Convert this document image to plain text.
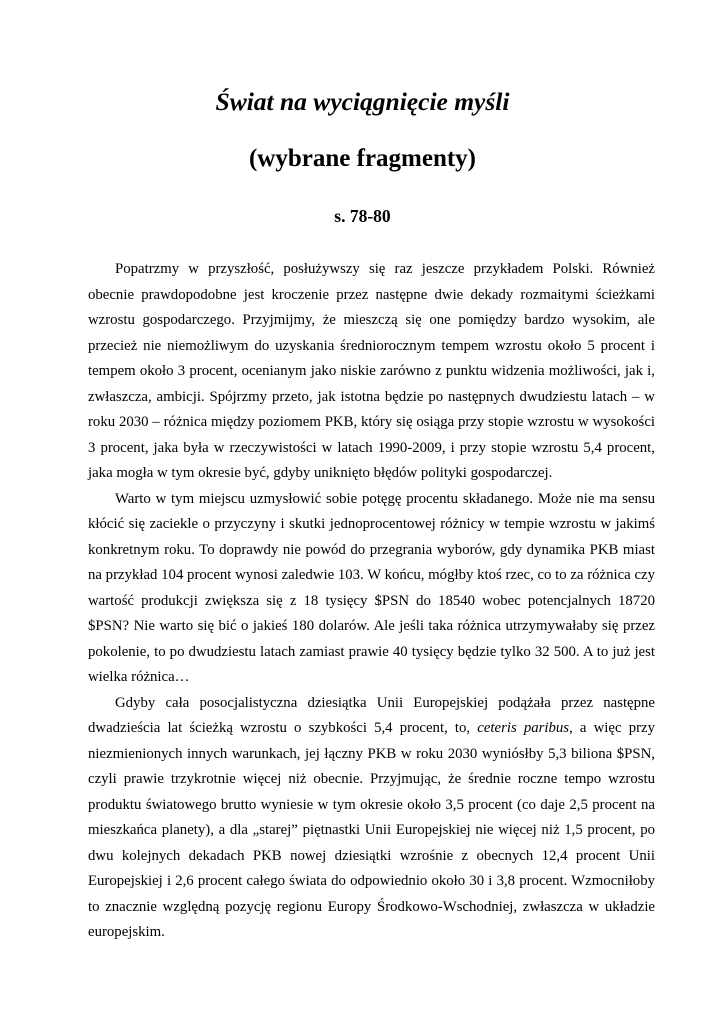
Świat na wyciągnięcie myśli
(wybrane fragmenty)
s. 78-80

Popatrzmy w przyszłość, posłużywszy się raz jeszcze przykładem Polski. Również obecnie prawdopodobne jest kroczenie przez następne dwie dekady rozmaitymi ścieżkami wzrostu gospodarczego. Przyjmijmy, że mieszczą się one pomiędzy bardzo wysokim, ale przecież nie niemożliwym do uzyskania średniorocznym tempem wzrostu około 5 procent i tempem około 3 procent, ocenianym jako niskie zarówno z punktu widzenia możliwości, jak i, zwłaszcza, ambicji. Spójrzmy przeto, jak istotna będzie po następnych dwudziestu latach – w roku 2030 – różnica między poziomem PKB, który się osiąga przy stopie wzrostu w wysokości 3 procent, jaka była w rzeczywistości w latach 1990-2009, i przy stopie wzrostu 5,4 procent, jaka mogła w tym okresie być, gdyby uniknięto błędów polityki gospodarczej.

Warto w tym miejscu uzmysłowić sobie potęgę procentu składanego. Może nie ma sensu kłócić się zaciekle o przyczyny i skutki jednoprocentowej różnicy w tempie wzrostu w jakimś konkretnym roku. To doprawdy nie powód do przegrania wyborów, gdy dynamika PKB miast na przykład 104 procent wynosi zaledwie 103. W końcu, mógłby ktoś rzec, co to za różnica czy wartość produkcji zwiększa się z 18 tysięcy $PSN do 18540 wobec potencjalnych 18720 $PSN? Nie warto się bić o jakieś 180 dolarów. Ale jeśli taka różnica utrzymywałaby się przez pokolenie, to po dwudziestu latach zamiast prawie 40 tysięcy będzie tylko 32 500. A to już jest wielka różnica…

Gdyby cała posocjalistyczna dziesiątka Unii Europejskiej podążała przez następne dwadzieścia lat ścieżką wzrostu o szybkości 5,4 procent, to, ceteris paribus, a więc przy niezmienionych innych warunkach, jej łączny PKB w roku 2030 wyniósłby 5,3 biliona $PSN, czyli prawie trzykrotnie więcej niż obecnie. Przyjmując, że średnie roczne tempo wzrostu produktu światowego brutto wyniesie w tym okresie około 3,5 procent (co daje 2,5 procent na mieszkańca planety), a dla „starej” piętnastki Unii Europejskiej nie więcej niż 1,5 procent, po dwu kolejnych dekadach PKB nowej dziesiątki wzrośnie z obecnych 12,4 procent Unii Europejskiej i 2,6 procent całego świata do odpowiednio około 30 i 3,8 procent. Wzmocniłoby to znacznie względną pozycję regionu Europy Środkowo-Wschodniej, zwłaszcza w układzie europejskim.
